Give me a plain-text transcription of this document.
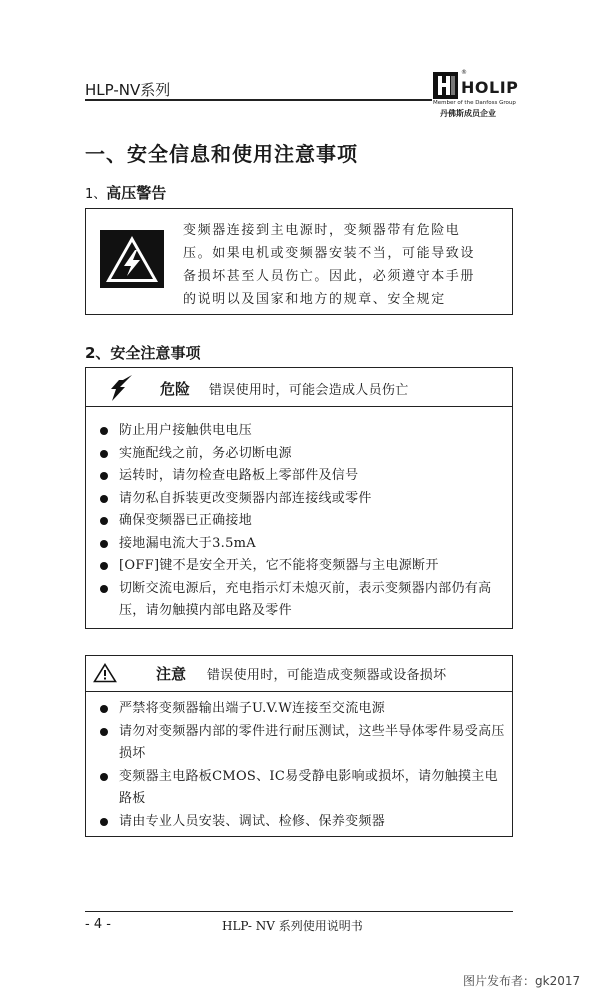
HLP-NV系列
®
HOLIP
Member of the Danfoss Group
丹佛斯成员企业
一、安全信息和使用注意事项
1、高压警告
变频器连接到主电源时，变频器带有危险电
压。如果电机或变频器安装不当，可能导致设
备损坏甚至人员伤亡。因此，必须遵守本手册
的说明以及国家和地方的规章、安全规定
2、安全注意事项
危险 错误使用时，可能会造成人员伤亡
防止用户接触供电电压
实施配线之前，务必切断电源
运转时，请勿检查电路板上零部件及信号
请勿私自拆装更改变频器内部连接线或零件
确保变频器已正确接地
接地漏电流大于3.5mA
[OFF]键不是安全开关，它不能将变频器与主电源断开
切断交流电源后，充电指示灯未熄灭前，表示变频器内部仍有高压，请勿触摸内部电路及零件
注意 错误使用时，可能造成变频器或设备损坏
严禁将变频器输出端子U.V.W连接至交流电源
请勿对变频器内部的零件进行耐压测试，这些半导体零件易受高压损坏
变频器主电路板CMOS、IC易受静电影响或损坏，请勿触摸主电路板
请由专业人员安装、调试、检修、保养变频器
- 4 -	HLP- NV 系列使用说明书
图片发布者：gk2017
